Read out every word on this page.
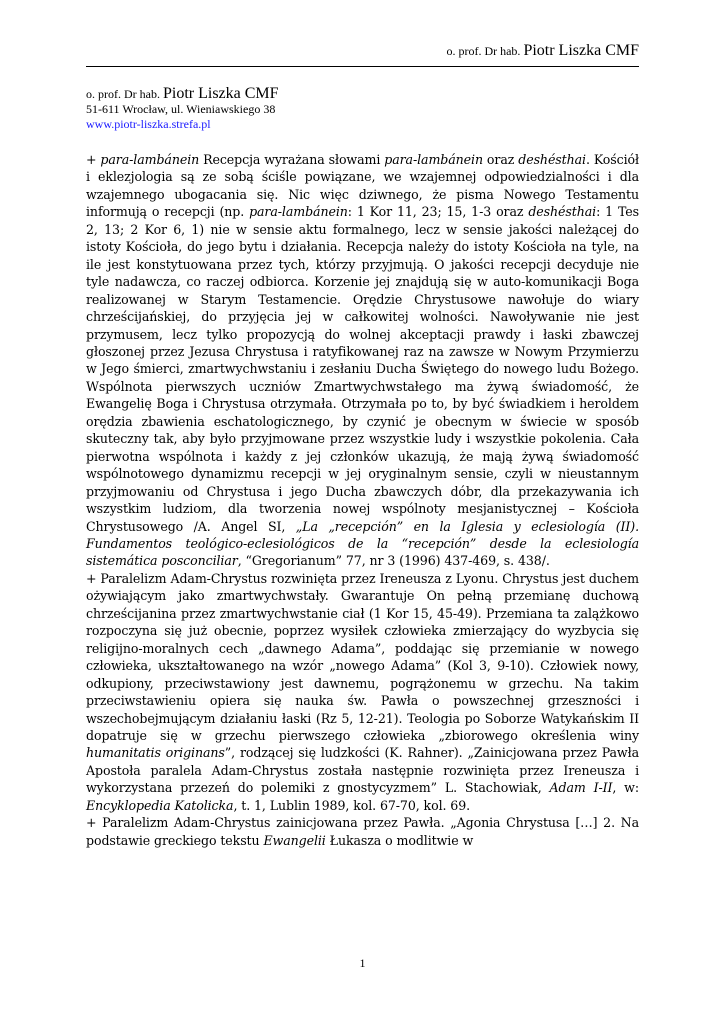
o. prof. Dr hab. Piotr Liszka CMF
o. prof. Dr hab. Piotr Liszka CMF
51-611 Wrocław, ul. Wieniawskiego 38
www.piotr-liszka.strefa.pl

+ para-lambánein Recepcja wyrażana słowami para-lambánein oraz deshésthai. Kościół i eklezjologia są ze sobą ściśle powiązane, we wzajemnej odpowiedzialności i dla wzajemnego ubogacania się. Nic więc dziwnego, że pisma Nowego Testamentu informują o recepcji (np. para-lambánein: 1 Kor 11, 23; 15, 1-3 oraz deshésthai: 1 Tes 2, 13; 2 Kor 6, 1) nie w sensie aktu formalnego, lecz w sensie jakości należącej do istoty Kościoła, do jego bytu i działania. Recepcja należy do istoty Kościoła na tyle, na ile jest konstytuowana przez tych, którzy przyjmują. O jakości recepcji decyduje nie tyle nadawcza, co raczej odbiorca. Korzenie jej znajdują się w auto-komunikacji Boga realizowanej w Starym Testamencie. Orędzie Chrystusowe nawołuje do wiary chrześcijańskiej, do przyjęcia jej w całkowitej wolności. Nawoływanie nie jest przymusem, lecz tylko propozycją do wolnej akceptacji prawdy i łaski zbawczej głoszonej przez Jezusa Chrystusa i ratyfikowanej raz na zawsze w Nowym Przymierzu w Jego śmierci, zmartwychwstaniu i zesłaniu Ducha Świętego do nowego ludu Bożego. Wspólnota pierwszych uczniów Zmartwychwstałego ma żywą świadomość, że Ewangelię Boga i Chrystusa otrzymała. Otrzymała po to, by być świadkiem i heroldem orędzia zbawienia eschatologicznego, by czynić je obecnym w świecie w sposób skuteczny tak, aby było przyjmowane przez wszystkie ludy i wszystkie pokolenia. Cała pierwotna wspólnota i każdy z jej członków ukazują, że mają żywą świadomość wspólnotowego dynamizmu recepcji w jej oryginalnym sensie, czyli w nieustannym przyjmowaniu od Chrystusa i jego Ducha zbawczych dóbr, dla przekazywania ich wszystkim ludziom, dla tworzenia nowej wspólnoty mesjanistycznej – Kościoła Chrystusowego /A. Angel SI, „La „recepción” en la Iglesia y eclesiología (II). Fundamentos teológico-eclesiológicos de la “recepción” desde la eclesiología sistemática posconciliar, “Gregorianum” 77, nr 3 (1996) 437-469, s. 438/.

+ Paralelizm Adam-Chrystus rozwinięta przez Ireneusza z Lyonu. Chrystus jest duchem ożywiającym jako zmartwychwstały. Gwarantuje On pełną przemianę duchową chrześcijanina przez zmartwychwstanie ciał (1 Kor 15, 45-49). Przemiana ta zalążkowo rozpoczyna się już obecnie, poprzez wysiłek człowieka zmierzający do wyzbycia się religijno-moralnych cech „dawnego Adama”, poddając się przemianie w nowego człowieka, ukształtowanego na wzór „nowego Adama” (Kol 3, 9-10). Człowiek nowy, odkupiony, przeciwstawiony jest dawnemu, pogrążonemu w grzechu. Na takim przeciwstawieniu opiera się nauka św. Pawła o powszechnej grzeszności i wszechobejmującym działaniu łaski (Rz 5, 12-21). Teologia po Soborze Watykańskim II dopatruje się w grzechu pierwszego człowieka „zbiorowego określenia winy humanitatis originans”, rodzącej się ludzkości (K. Rahner). „Zainicjowana przez Pawła Apostoła paralela Adam-Chrystus została następnie rozwinięta przez Ireneusza i wykorzystana przezeń do polemiki z gnostycyzmem” L. Stachowiak, Adam I-II, w: Encyklopedia Katolicka, t. 1, Lublin 1989, kol. 67-70, kol. 69.

+ Paralelizm Adam-Chrystus zainicjowana przez Pawła. „Agonia Chrystusa […] 2. Na podstawie greckiego tekstu Ewangelii Łukasza o modlitwie w

1
